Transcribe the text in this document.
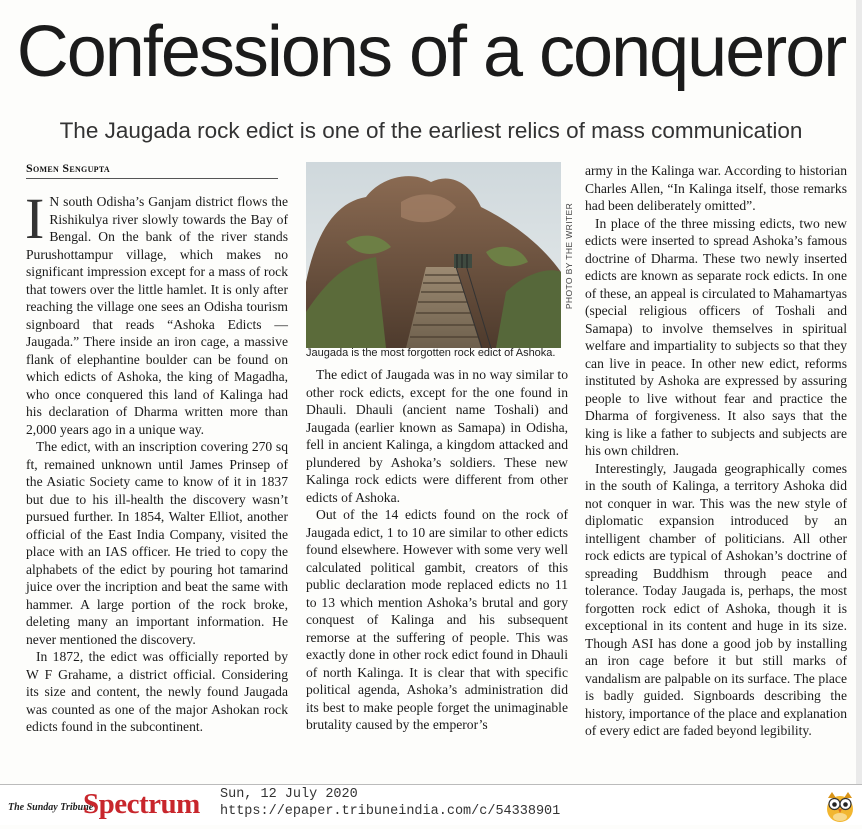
Confessions of a conqueror
The Jaugada rock edict is one of the earliest relics of mass communication
Somen Sengupta

I N south Odisha’s Ganjam district flows the Rishikulya river slowly towards the Bay of Bengal. On the bank of the river stands Purushottampur village, which makes no significant impression except for a mass of rock that towers over the little hamlet. It is only after reaching the village one sees an Odisha tourism signboard that reads “Ashoka Edicts — Jaugada.” There inside an iron cage, a massive flank of elephantine boulder can be found on which edicts of Ashoka, the king of Magadha, who once conquered this land of Kalinga had his declaration of Dharma written more than 2,000 years ago in a unique way.

The edict, with an inscription covering 270 sq ft, remained unknown until James Prinsep of the Asiatic Society came to know of it in 1837 but due to his ill-health the discovery wasn’t pursued further. In 1854, Walter Elliot, another official of the East India Company, visited the place with an IAS officer. He tried to copy the alphabets of the edict by pouring hot tamarind juice over the incription and beat the same with hammer. A large portion of the rock broke, deleting many an important information. He never mentioned the discovery.

In 1872, the edict was officially reported by W F Grahame, a district official. Considering its size and content, the newly found Jaugada was counted as one of the major Ashokan rock edicts found in the subcontinent.

PHOTO BY THE WRITER
Jaugada is the most forgotten rock edict of Ashoka.

The edict of Jaugada was in no way similar to other rock edicts, except for the one found in Dhauli. Dhauli (ancient name Toshali) and Jaugada (earlier known as Samapa) in Odisha, fell in ancient Kalinga, a kingdom attacked and plundered by Ashoka’s soldiers. These new Kalinga rock edicts were different from other edicts of Ashoka.

Out of the 14 edicts found on the rock of Jaugada edict, 1 to 10 are similar to other edicts found elsewhere. However with some very well calculated political gambit, creators of this public declaration mode replaced edicts no 11 to 13 which mention Ashoka’s brutal and gory conquest of Kalinga and his subsequent remorse at the suffering of people. This was exactly done in other rock edict found in Dhauli of north Kalinga. It is clear that with specific political agenda, Ashoka’s administration did its best to make people forget the unimaginable brutality caused by the emperor’s

army in the Kalinga war. According to historian Charles Allen, “In Kalinga itself, those remarks had been deliberately omitted”.

In place of the three missing edicts, two new edicts were inserted to spread Ashoka’s famous doctrine of Dharma. These two newly inserted edicts are known as separate rock edicts. In one of these, an appeal is circulated to Mahamartyas (special religious officers of Toshali and Samapa) to involve themselves in spiritual welfare and impartiality to subjects so that they can live in peace. In other new edict, reforms instituted by Ashoka are expressed by assuring people to live without fear and practice the Dharma of forgiveness. It also says that the king is like a father to subjects and subjects are his own children.

Interestingly, Jaugada geographically comes in the south of Kalinga, a territory Ashoka did not conquer in war. This was the new style of diplomatic expansion introduced by an intelligent chamber of politicians. All other rock edicts are typical of Ashokan’s doctrine of spreading Buddhism through peace and tolerance. Today Jaugada is, perhaps, the most forgotten rock edict of Ashoka, though it is exceptional in its content and huge in its size. Though ASI has done a good job by installing an iron cage before it but still marks of vandalism are palpable on its surface. The place is badly guided. Signboards describing the history, importance of the place and explanation of every edict are faded beyond legibility.

The Sunday Tribune
Spectrum Sun, 12 July 2020
https://epaper.tribuneindia.com/c/54338901
